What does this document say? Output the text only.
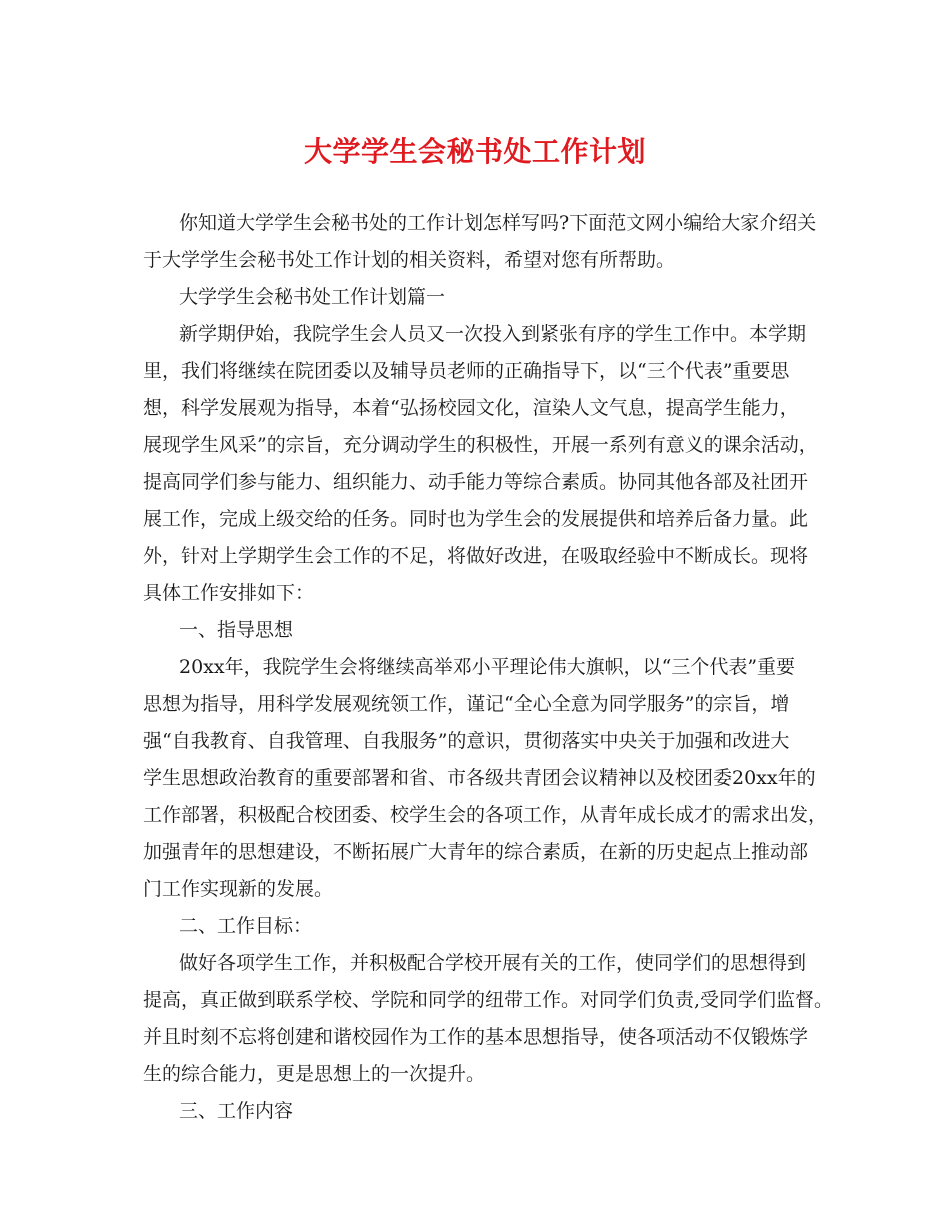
大学学生会秘书处工作计划
你知道大学学生会秘书处的工作计划怎样写吗?下面范文网小编给大家介绍关
于大学学生会秘书处工作计划的相关资料，希望对您有所帮助。
大学学生会秘书处工作计划篇一
新学期伊始，我院学生会人员又一次投入到紧张有序的学生工作中。本学期
里，我们将继续在院团委以及辅导员老师的正确指导下，以“三个代表”重要思
想，科学发展观为指导，本着“弘扬校园文化，渲染人文气息，提高学生能力，
展现学生风采”的宗旨，充分调动学生的积极性，开展一系列有意义的课余活动，
提高同学们参与能力、组织能力、动手能力等综合素质。协同其他各部及社团开
展工作，完成上级交给的任务。同时也为学生会的发展提供和培养后备力量。此
外，针对上学期学生会工作的不足，将做好改进，在吸取经验中不断成长。现将
具体工作安排如下：
一、指导思想
20xx年，我院学生会将继续高举邓小平理论伟大旗帜，以“三个代表”重要
思想为指导，用科学发展观统领工作，谨记“全心全意为同学服务”的宗旨，增
强“自我教育、自我管理、自我服务”的意识，贯彻落实中央关于加强和改进大
学生思想政治教育的重要部署和省、市各级共青团会议精神以及校团委20xx年的
工作部署，积极配合校团委、校学生会的各项工作，从青年成长成才的需求出发，
加强青年的思想建设，不断拓展广大青年的综合素质，在新的历史起点上推动部
门工作实现新的发展。
二、工作目标：
做好各项学生工作，并积极配合学校开展有关的工作，使同学们的思想得到
提高，真正做到联系学校、学院和同学的纽带工作。对同学们负责,受同学们监督。
并且时刻不忘将创建和谐校园作为工作的基本思想指导，使各项活动不仅锻炼学
生的综合能力，更是思想上的一次提升。
三、工作内容
